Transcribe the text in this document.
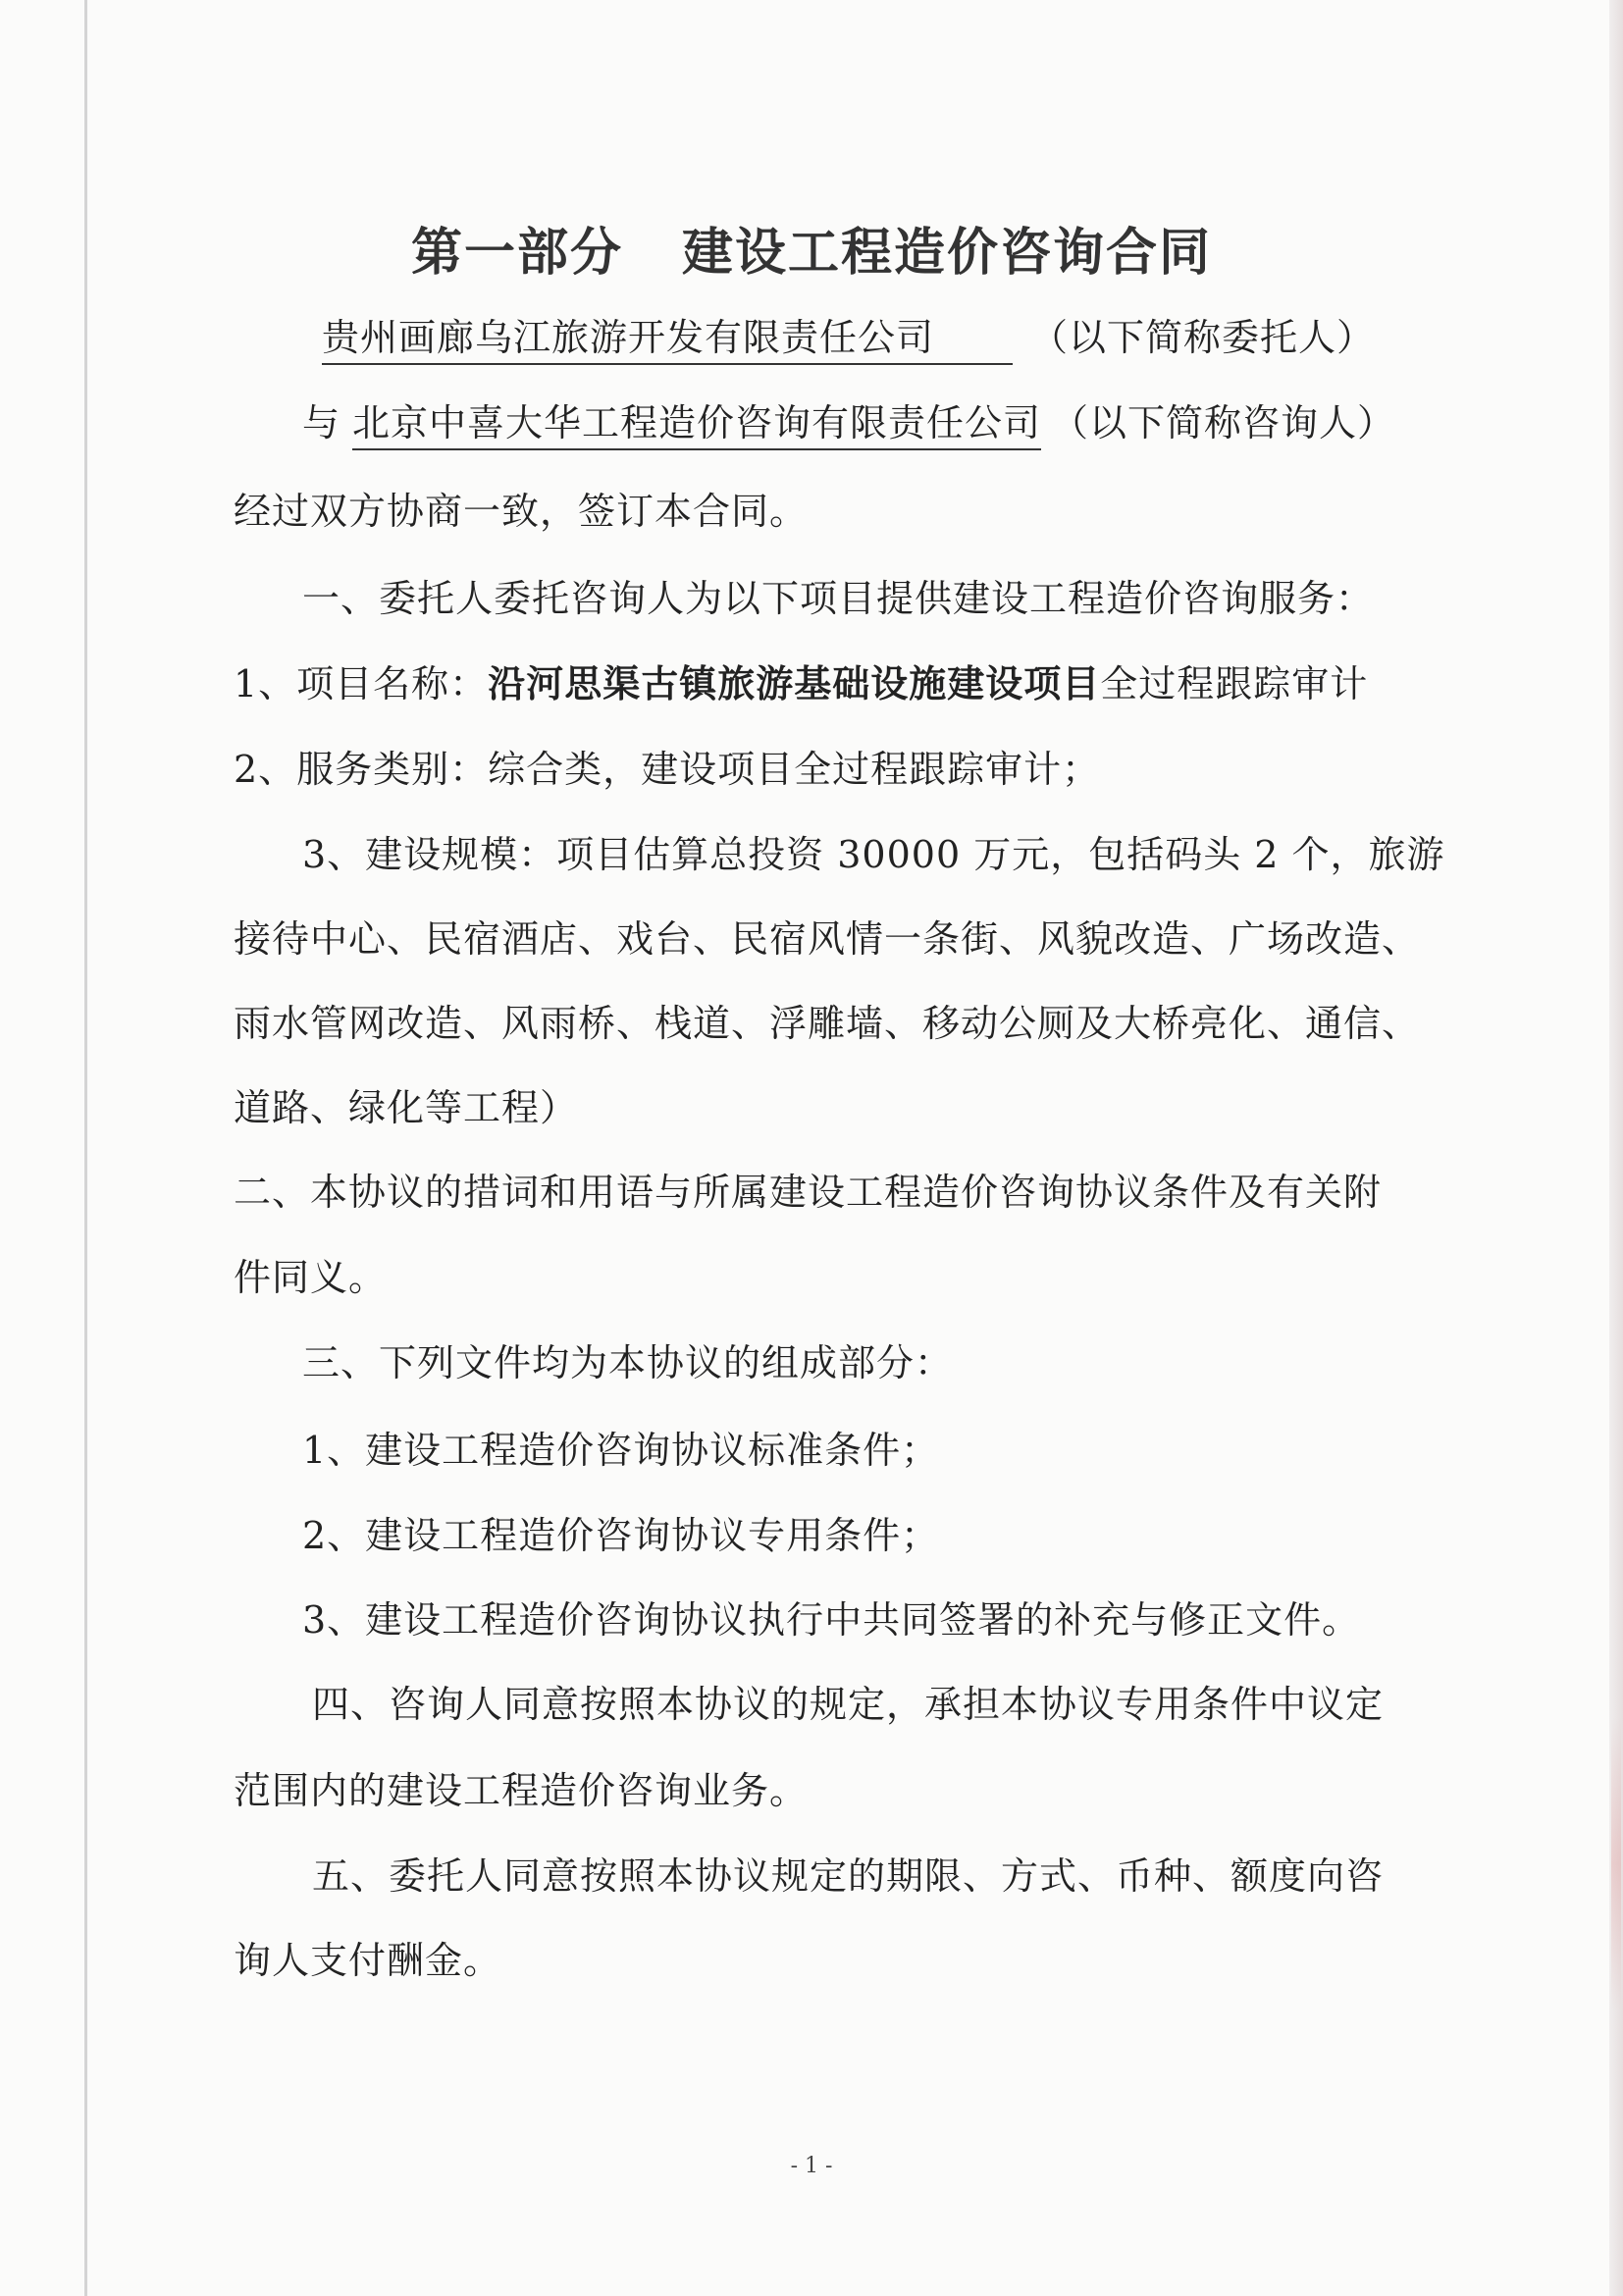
第一部分 建设工程造价咨询合同
贵州画廊乌江旅游开发有限责任公司	（以下简称委托人）
与 北京中喜大华工程造价咨询有限责任公司 （以下简称咨询人）
经过双方协商一致，签订本合同。
一、委托人委托咨询人为以下项目提供建设工程造价咨询服务：
1、项目名称：沿河思渠古镇旅游基础设施建设项目全过程跟踪审计
2、服务类别：综合类，建设项目全过程跟踪审计；
3、建设规模：项目估算总投资 30000 万元，包括码头 2 个，旅游
接待中心、民宿酒店、戏台、民宿风情一条街、风貌改造、广场改造、
雨水管网改造、风雨桥、栈道、浮雕墙、移动公厕及大桥亮化、通信、
道路、绿化等工程）
二、本协议的措词和用语与所属建设工程造价咨询协议条件及有关附
件同义。
三、下列文件均为本协议的组成部分：
1、建设工程造价咨询协议标准条件；
2、建设工程造价咨询协议专用条件；
3、建设工程造价咨询协议执行中共同签署的补充与修正文件。
四、咨询人同意按照本协议的规定，承担本协议专用条件中议定
范围内的建设工程造价咨询业务。
五、委托人同意按照本协议规定的期限、方式、币种、额度向咨
询人支付酬金。
- 1 -
